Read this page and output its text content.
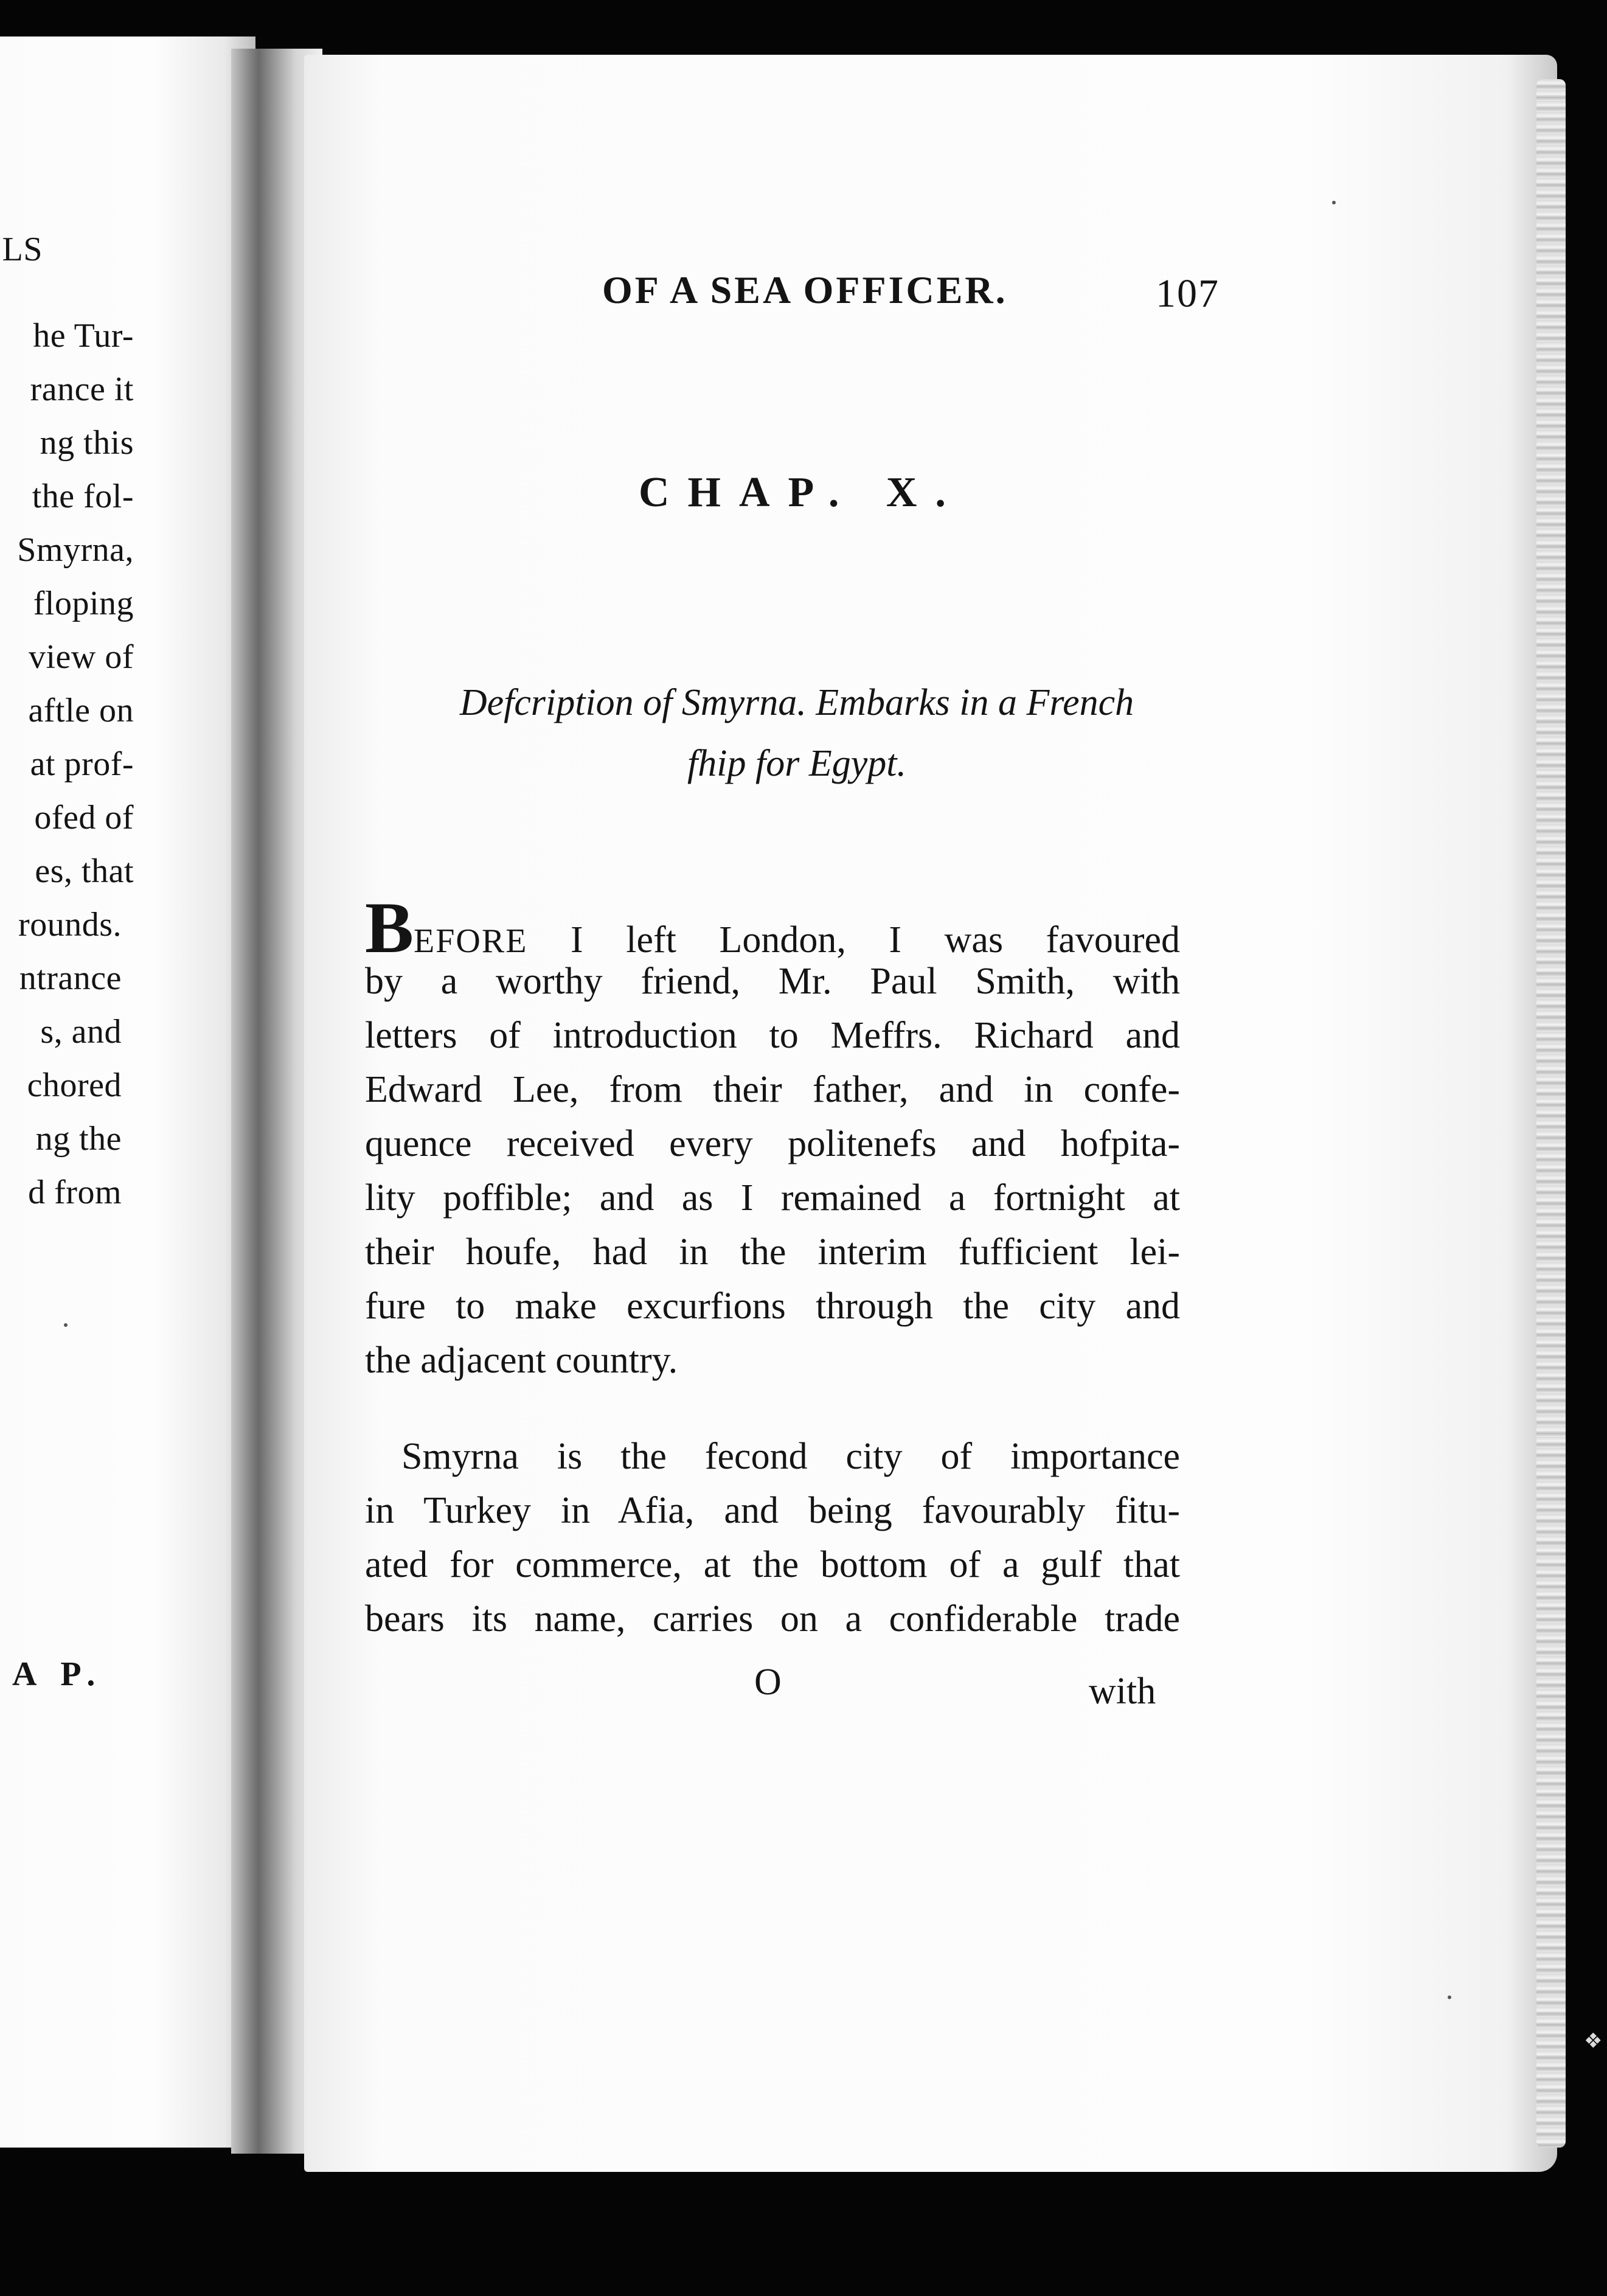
LS
he Tur-
rance it
ng this
the fol-
Smyrna,
floping
view of
aftle on
at prof-
ofed of
es, that
rounds.
ntrance
s, and
chored
ng the
d from
A P.
OF A SEA OFFICER.	107
CHAP. X.
Defcription of Smyrna. Embarks in a French
fhip for Egypt.
BEFORE I left London, I was favoured
by a worthy friend, Mr. Paul Smith, with
letters of introduction to Meffrs. Richard and
Edward Lee, from their father, and in confe-
quence received every politenefs and hofpita-
lity poffible; and as I remained a fortnight at
their houfe, had in the interim fufficient lei-
fure to make excurfions through the city and
the adjacent country.
Smyrna is the fecond city of importance
in Turkey in Afia, and being favourably fitu-
ated for commerce, at the bottom of a gulf that
bears its name, carries on a confiderable trade
O	with
❖
